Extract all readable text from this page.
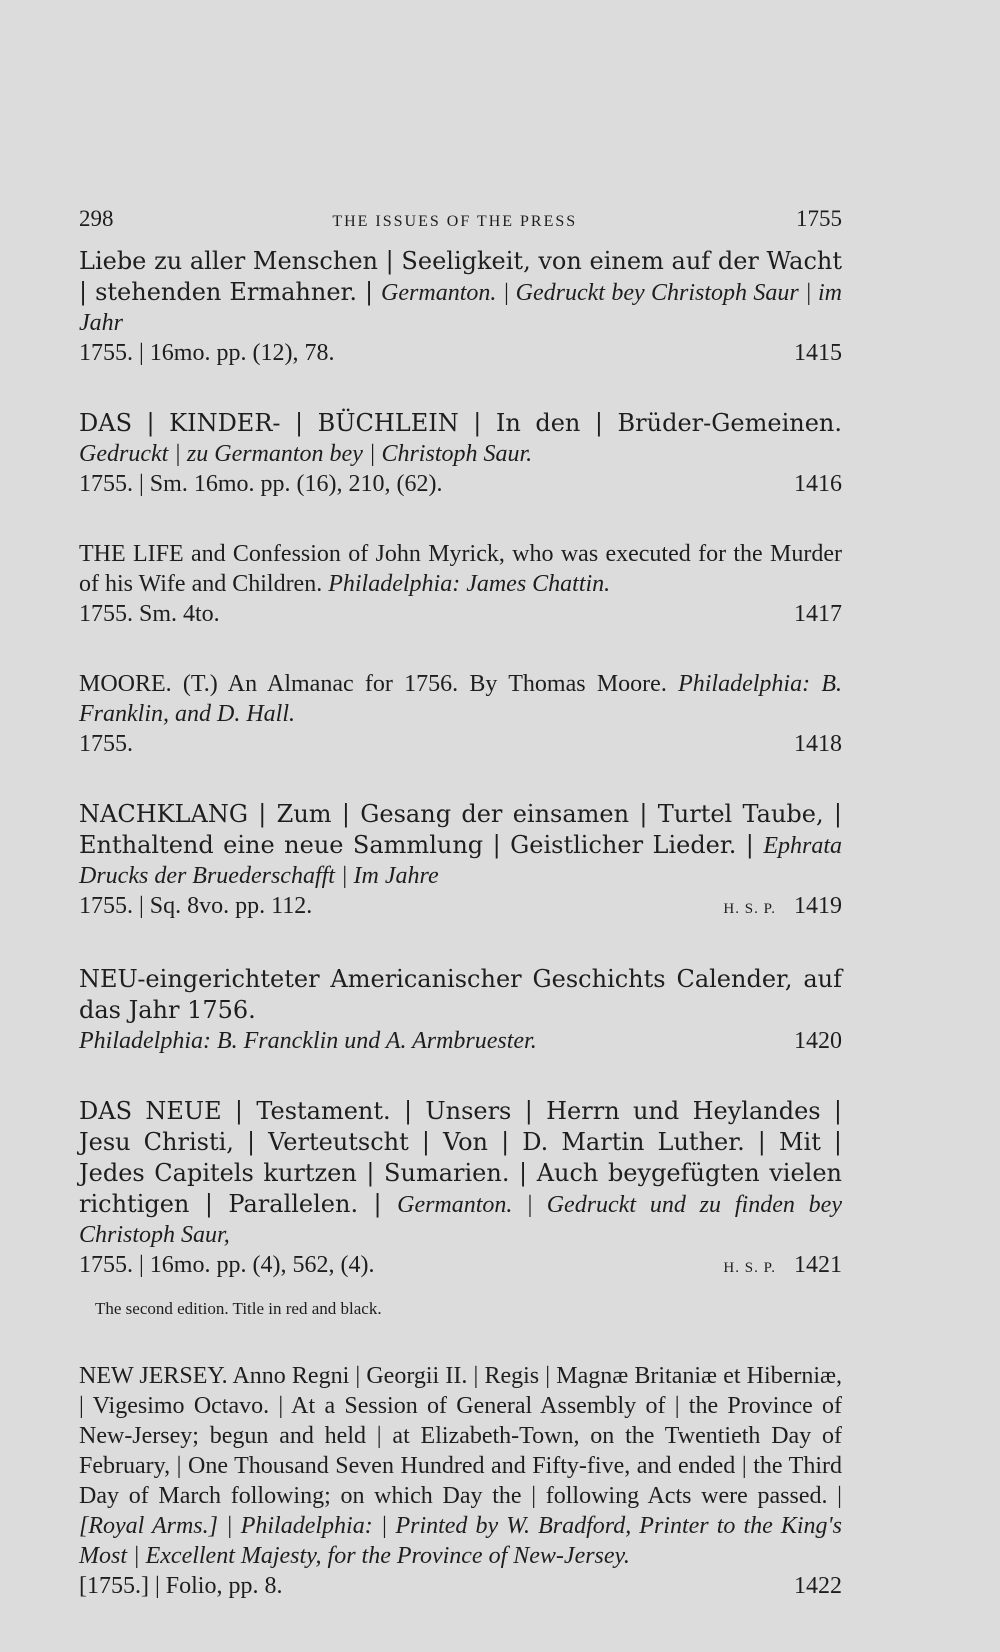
298	THE ISSUES OF THE PRESS	1755

Liebe zu aller Menschen | Seeligkeit, von einem auf der Wacht | stehenden Ermahner. | Germanton. | Gedruckt bey Christoph Saur | im Jahr
1755. | 16mo. pp. (12), 78.	1415

DAS | KINDER- | BÜCHLEIN | In den | Brüder-Gemeinen. Gedruckt | zu Germanton bey | Christoph Saur.
1755. | Sm. 16mo. pp. (16), 210, (62).	1416

THE LIFE and Confession of John Myrick, who was executed for the Murder of his Wife and Children. Philadelphia: James Chattin.
1755. Sm. 4to.	1417

MOORE. (T.) An Almanac for 1756. By Thomas Moore. Philadelphia: B. Franklin, and D. Hall.
1755.	1418

NACHKLANG | Zum | Gesang der einsamen | Turtel Taube, | Enthaltend eine neue Sammlung | Geistlicher Lieder. | Ephrata Drucks der Bruederschafft | Im Jahre
1755. | Sq. 8vo. pp. 112.	H. S. P. 1419

NEU-eingerichteter Americanischer Geschichts Calender, auf das Jahr 1756.
Philadelphia: B. Francklin und A. Armbruester.	1420

DAS NEUE | Testament. | Unsers | Herrn und Heylandes | Jesu Christi, | Verteutscht | Von | D. Martin Luther. | Mit | Jedes Capitels kurtzen | Sumarien. | Auch beygefügten vielen richtigen | Parallelen. | Germanton. | Gedruckt und zu finden bey Christoph Saur,
1755. | 16mo. pp. (4), 562, (4).	H. S. P. 1421

The second edition. Title in red and black.

NEW JERSEY. Anno Regni | Georgii II. | Regis | Magnæ Britaniæ et Hiberniæ, | Vigesimo Octavo. | At a Session of General Assembly of | the Province of New-Jersey; begun and held | at Elizabeth-Town, on the Twentieth Day of February, | One Thousand Seven Hundred and Fifty-five, and ended | the Third Day of March following; on which Day the | following Acts were passed. | [Royal Arms.] | Philadelphia: | Printed by W. Bradford, Printer to the King's Most | Excellent Majesty, for the Province of New-Jersey.
[1755.] | Folio, pp. 8.	1422
